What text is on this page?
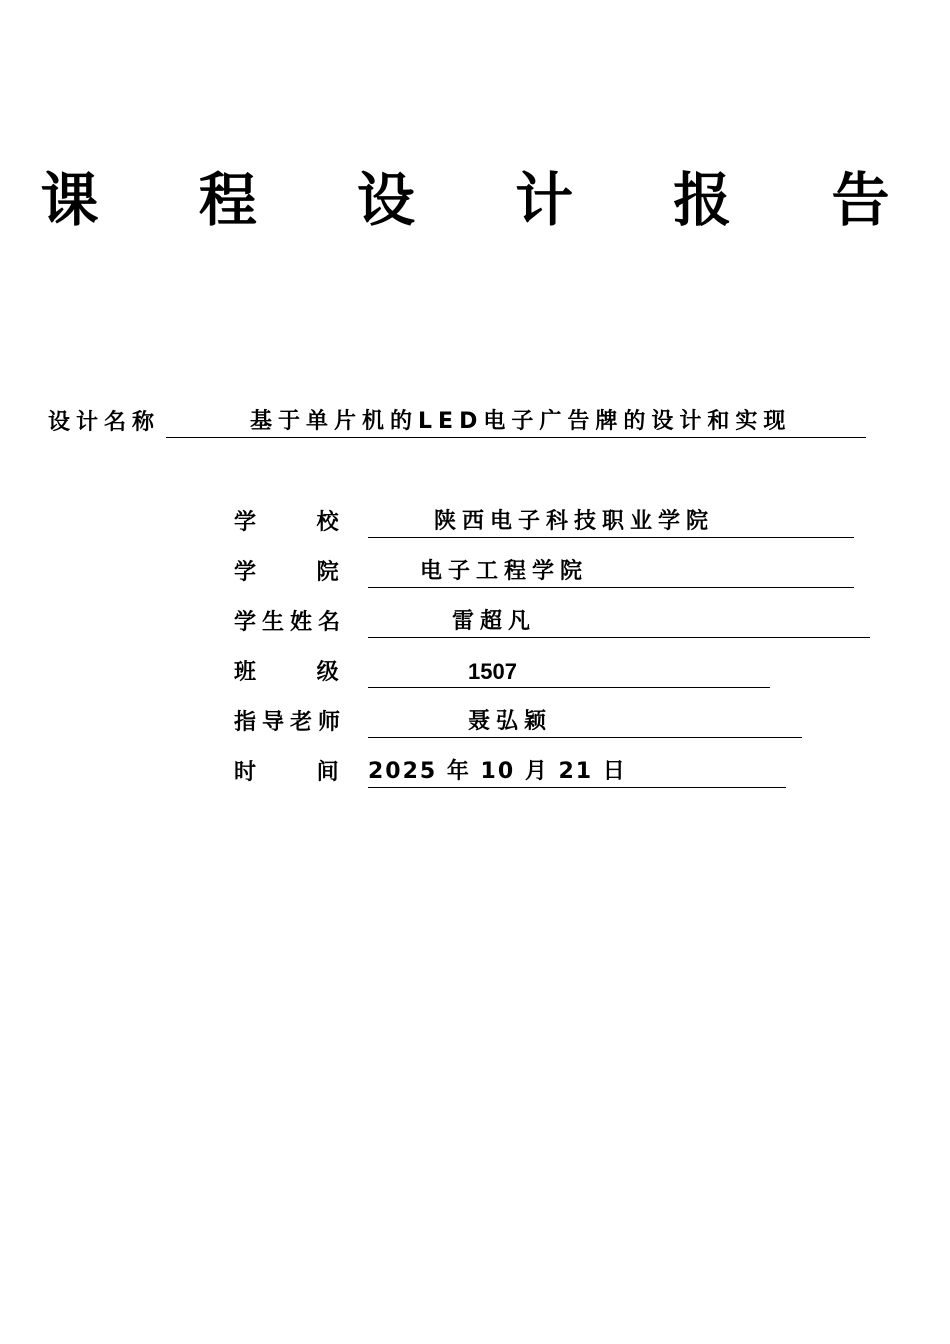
课 程 设 计 报 告
设计名称

	基于单片机的LED电子广告牌的设计和实现

学    校

	陕西电子科技职业学院

学    院

	电子工程学院

学生姓名

	雷超凡

班    级

	1507

指导老师

	聂弘颖

时    间

	2025 年 10 月 21 日
